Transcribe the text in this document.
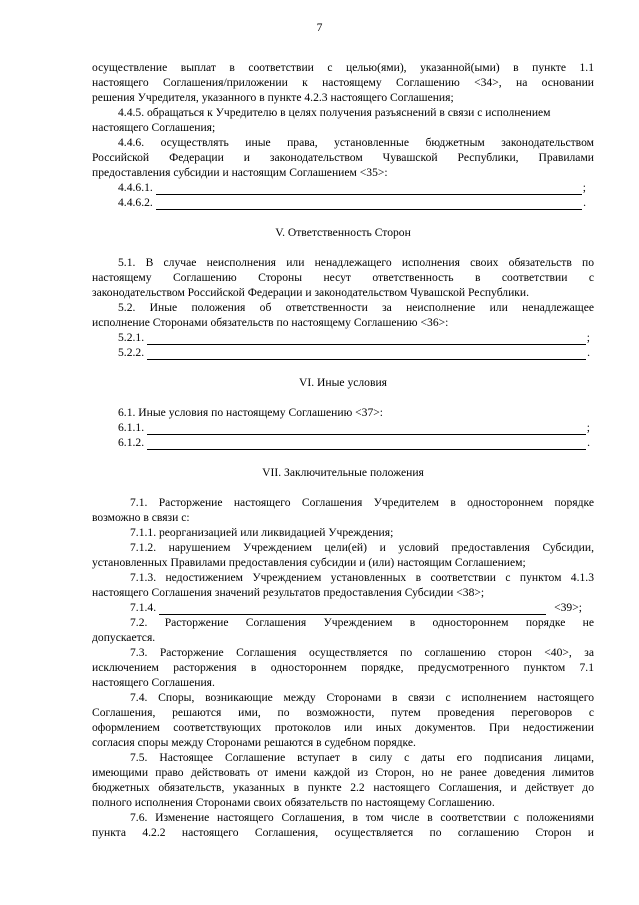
7
осуществление выплат в соответствии с целью(ями), указанной(ыми) в пункте 1.1
настоящего Соглашения/приложении к настоящему Соглашению <34>, на основании
решения Учредителя, указанного в пункте 4.2.3 настоящего Соглашения;
4.4.5. обращаться к Учредителю в целях получения разъяснений в связи с исполнением
настоящего Соглашения;
4.4.6. осуществлять иные права, установленные бюджетным законодательством
Российской Федерации и законодательством Чувашской Республики, Правилами
предоставления субсидии и настоящим Соглашением <35>:
4.4.6.1.	;
4.4.6.2.	.
V. Ответственность Сторон
5.1. В случае неисполнения или ненадлежащего исполнения своих обязательств по
настоящему Соглашению Стороны несут ответственность в соответствии с
законодательством Российской Федерации и законодательством Чувашской Республики.
5.2. Иные положения об ответственности за неисполнение или ненадлежащее
исполнение Сторонами обязательств по настоящему Соглашению <36>:
5.2.1.	;
5.2.2.	.
VI. Иные условия
6.1. Иные условия по настоящему Соглашению <37>:
6.1.1.	;
6.1.2.	.
VII. Заключительные положения
7.1. Расторжение настоящего Соглашения Учредителем в одностороннем порядке
возможно в связи с:
7.1.1. реорганизацией или ликвидацией Учреждения;
7.1.2. нарушением Учреждением цели(ей) и условий предоставления Субсидии,
установленных Правилами предоставления субсидии и (или) настоящим Соглашением;
7.1.3. недостижением Учреждением установленных в соответствии с пунктом 4.1.3
настоящего Соглашения значений результатов предоставления Субсидии <38>;
7.1.4.	<39>;
7.2. Расторжение Соглашения Учреждением в одностороннем порядке не
допускается.
7.3. Расторжение Соглашения осуществляется по соглашению сторон <40>, за
исключением расторжения в одностороннем порядке, предусмотренного пунктом 7.1
настоящего Соглашения.
7.4. Споры, возникающие между Сторонами в связи с исполнением настоящего
Соглашения, решаются ими, по возможности, путем проведения переговоров с
оформлением соответствующих протоколов или иных документов. При недостижении
согласия споры между Сторонами решаются в судебном порядке.
7.5. Настоящее Соглашение вступает в силу с даты его подписания лицами,
имеющими право действовать от имени каждой из Сторон, но не ранее доведения лимитов
бюджетных обязательств, указанных в пункте 2.2 настоящего Соглашения, и действует до
полного исполнения Сторонами своих обязательств по настоящему Соглашению.
7.6. Изменение настоящего Соглашения, в том числе в соответствии с положениями
пункта 4.2.2 настоящего Соглашения, осуществляется по соглашению Сторон и
